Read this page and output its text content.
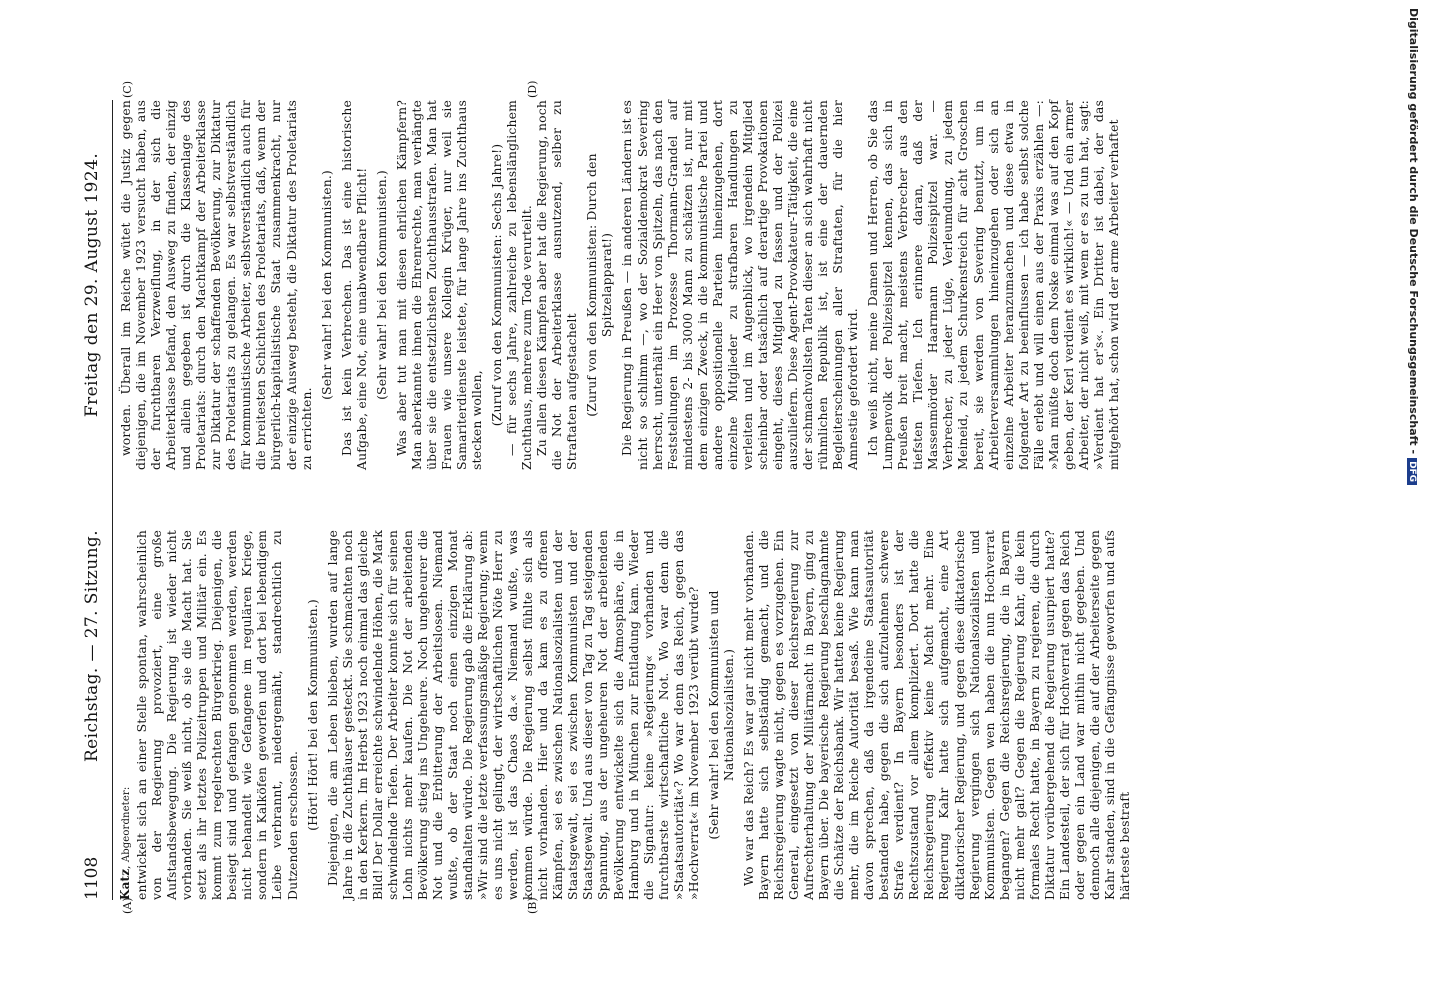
1108
Reichstag. — 27. Sitzung.
Freitag den 29. August 1924.
(A)	(B)
(C)	(D)
Katz, Abgeordneter: entwickelt sich an einer Stelle spontan, wahrscheinlich von der Regierung provoziert, eine große Aufstandsbewegung. Die Regierung ist wieder nicht vorhanden. Sie weiß nicht, ob sie die Macht hat. Sie setzt als ihr letztes Polizeitruppen und Militär ein. Es kommt zum regelrechten Bürgerkrieg. Diejenigen, die besiegt sind und gefangen genommen werden, werden nicht behandelt wie Gefangene im regulären Kriege, sondern in Kalköfen geworfen und dort bei lebendigem Leibe verbrannt, niedergemäht, standrechtlich zu Dutzenden erschossen. (Hört! Hört! bei den Kommunisten.) Diejenigen, die am Leben blieben, wurden auf lange Jahre in die Zuchthäuser gesteckt. Sie schmachten noch in den Kerkern. Im Herbst 1923 noch einmal das gleiche Bild! Der Dollar erreichte schwindelnde Höhen, die Mark schwindelnde Tiefen. Der Arbeiter konnte sich für seinen Lohn nichts mehr kaufen. Die Not der arbeitenden Bevölkerung stieg ins Ungeheure. Noch ungeheurer die Not und die Erbitterung der Arbeitslosen. Niemand wußte, ob der Staat noch einen einzigen Monat standhalten würde. Die Regierung gab die Erklärung ab: »Wir sind die letzte verfassungsmäßige Regierung; wenn es uns nicht gelingt, der wirtschaftlichen Nöte Herr zu werden, ist das Chaos da.« Niemand wußte, was kommen würde. Die Regierung selbst fühlte sich als nicht vorhanden. Hier und da kam es zu offenen Kämpfen, sei es zwischen Nationalsozialisten und der Staatsgewalt, sei es zwischen Kommunisten und der Staatsgewalt. Und aus dieser von Tag zu Tag steigenden Spannung, aus der ungeheuren Not der arbeitenden Bevölkerung entwickelte sich die Atmosphäre, die in Hamburg und in München zur Entladung kam. Wieder die Signatur: keine »Regierung« vorhanden und furchtbarste wirtschaftliche Not. Wo war denn die »Staatsautorität«? Wo war denn das Reich, gegen das »Hochverrat« im November 1923 verübt wurde? (Sehr wahr! bei den Kommunisten und Nationalsozialisten.) Wo war das Reich? Es war gar nicht mehr vorhanden. Bayern hatte sich selbständig gemacht, und die Reichsregierung wagte nicht, gegen es vorzugehen. Ein General, eingesetzt von dieser Reichsregierung zur Aufrechterhaltung der Militärmacht in Bayern, ging zu Bayern über. Die bayerische Regierung beschlagnahmte die Schätze der Reichsbank. Wir hatten keine Regierung mehr, die im Reiche Autorität besaß. Wie kann man davon sprechen, daß da irgendeine Staatsautorität bestanden habe, gegen die sich aufzulehnen schwere Strafe verdient? In Bayern besonders ist der Rechtszustand vor allem kompliziert. Dort hatte die Reichsregierung effektiv keine Macht mehr. Eine Regierung Kahr hatte sich aufgemacht, eine Art diktatorischer Regierung, und gegen diese diktatorische Regierung vergingen sich Nationalsozialisten und Kommunisten. Gegen wen haben die nun Hochverrat begangen? Gegen die Reichsregierung, die in Bayern nicht mehr galt? Gegen die Regierung Kahr, die kein formales Recht hatte, in Bayern zu regieren, die durch Diktatur vorübergehend die Regierung usurpiert hatte? Ein Landesteil, der sich für Hochverrat gegen das Reich oder gegen ein Land war mithin nicht gegeben. Und dennoch alle diejenigen, die auf der Arbeiterseite gegen Kahr standen, sind in die Gefängnisse geworfen und aufs härteste bestraft

worden. Überall im Reiche wütet die Justiz gegen diejenigen, die im November 1923 versucht haben, aus der furchtbaren Verzweiflung, in der sich die Arbeiterklasse befand, den Ausweg zu finden, der einzig und allein gegeben ist durch die Klassenlage des Proletariats: durch den Machtkampf der Arbeiterklasse zur Diktatur der schaffenden Bevölkerung, zur Diktatur des Proletariats zu gelangen. Es war selbstverständlich für kommunistische Arbeiter, selbstverständlich auch für die breitesten Schichten des Proletariats, daß, wenn der bürgerlich-kapitalistische Staat zusammenkracht, nur der einzige Ausweg besteht, die Diktatur des Proletariats zu errichten.

(Sehr wahr! bei den Kommunisten.) Das ist kein Verbrechen. Das ist eine historische Aufgabe, eine Not, eine unabwendbare Pflicht! (Sehr wahr! bei den Kommunisten.) Was aber tut man mit diesen ehrlichen Kämpfern? Man aberkannte ihnen die Ehrenrechte, man verhängte über sie die entsetzlichsten Zuchthausstrafen. Man hat Frauen wie unsere Kollegin Krüger, nur weil sie Samariterdienste leistete, für lange Jahre ins Zuchthaus stecken wollen, (Zuruf von den Kommunisten: Sechs Jahre!) — für sechs Jahre, zahlreiche zu lebenslänglichem Zuchthaus, mehrere zum Tode verurteilt. Zu allen diesen Kämpfen aber hat die Regierung, noch die Not der Arbeiterklasse ausnutzend, selber zu Straftaten aufgestachelt (Zuruf von den Kommunisten: Durch den Spitzelapparat!) Die Regierung in Preußen — in anderen Ländern ist es nicht so schlimm —, wo der Sozialdemokrat Severing herrscht, unterhält ein Heer von Spitzeln, das nach den Feststellungen im Prozesse Thormann-Grandel auf mindestens 2- bis 3000 Mann zu schätzen ist, nur mit dem einzigen Zweck, in die kommunistische Partei und andere oppositionelle Parteien hineinzugehen, dort einzelne Mitglieder zu strafbaren Handlungen zu verleiten und im Augenblick, wo irgendein Mitglied scheinbar oder tatsächlich auf derartige Provokationen eingeht, dieses Mitglied zu fassen und der Polizei auszuliefern. Diese Agent-Provokateur-Tätigkeit, die eine der schmachvollsten Taten dieser an sich wahrhaft nicht rühmlichen Republik ist, ist eine der dauernden Begleiterscheinungen aller Straftaten, für die hier Amnestie gefordert wird. Ich weiß nicht, meine Damen und Herren, ob Sie das Lumpenvolk der Polizeispitzel kennen, das sich in Preußen breit macht, meistens Verbrecher aus den tiefsten Tiefen. Ich erinnere daran, daß der Massenmörder Haarmann Polizeispitzel war. — Verbrecher, zu jeder Lüge, Verleumdung, zu jedem Meineid, zu jedem Schurkenstreich für acht Groschen bereit, sie werden von Severing benutzt, um in Arbeiterversammlungen hineinzugehen oder sich an einzelne Arbeiter heranzumachen und diese etwa in folgender Art zu beeinflussen — ich habe selbst solche Fälle erlebt und will einen aus der Praxis erzählen —: »Man müßte doch dem Noske einmal was auf den Kopf geben, der Kerl verdient es wirklich!« — Und ein armer Arbeiter, der nicht weiß, mit wem er es zu tun hat, sagt: »Verdient hat er's«. Ein Dritter ist dabei, der das mitgehört hat, schon wird der arme Arbeiter verhaftet	Digitalisierung gefördert durch die Deutsche Forschungsgemeinschaft -DFG
